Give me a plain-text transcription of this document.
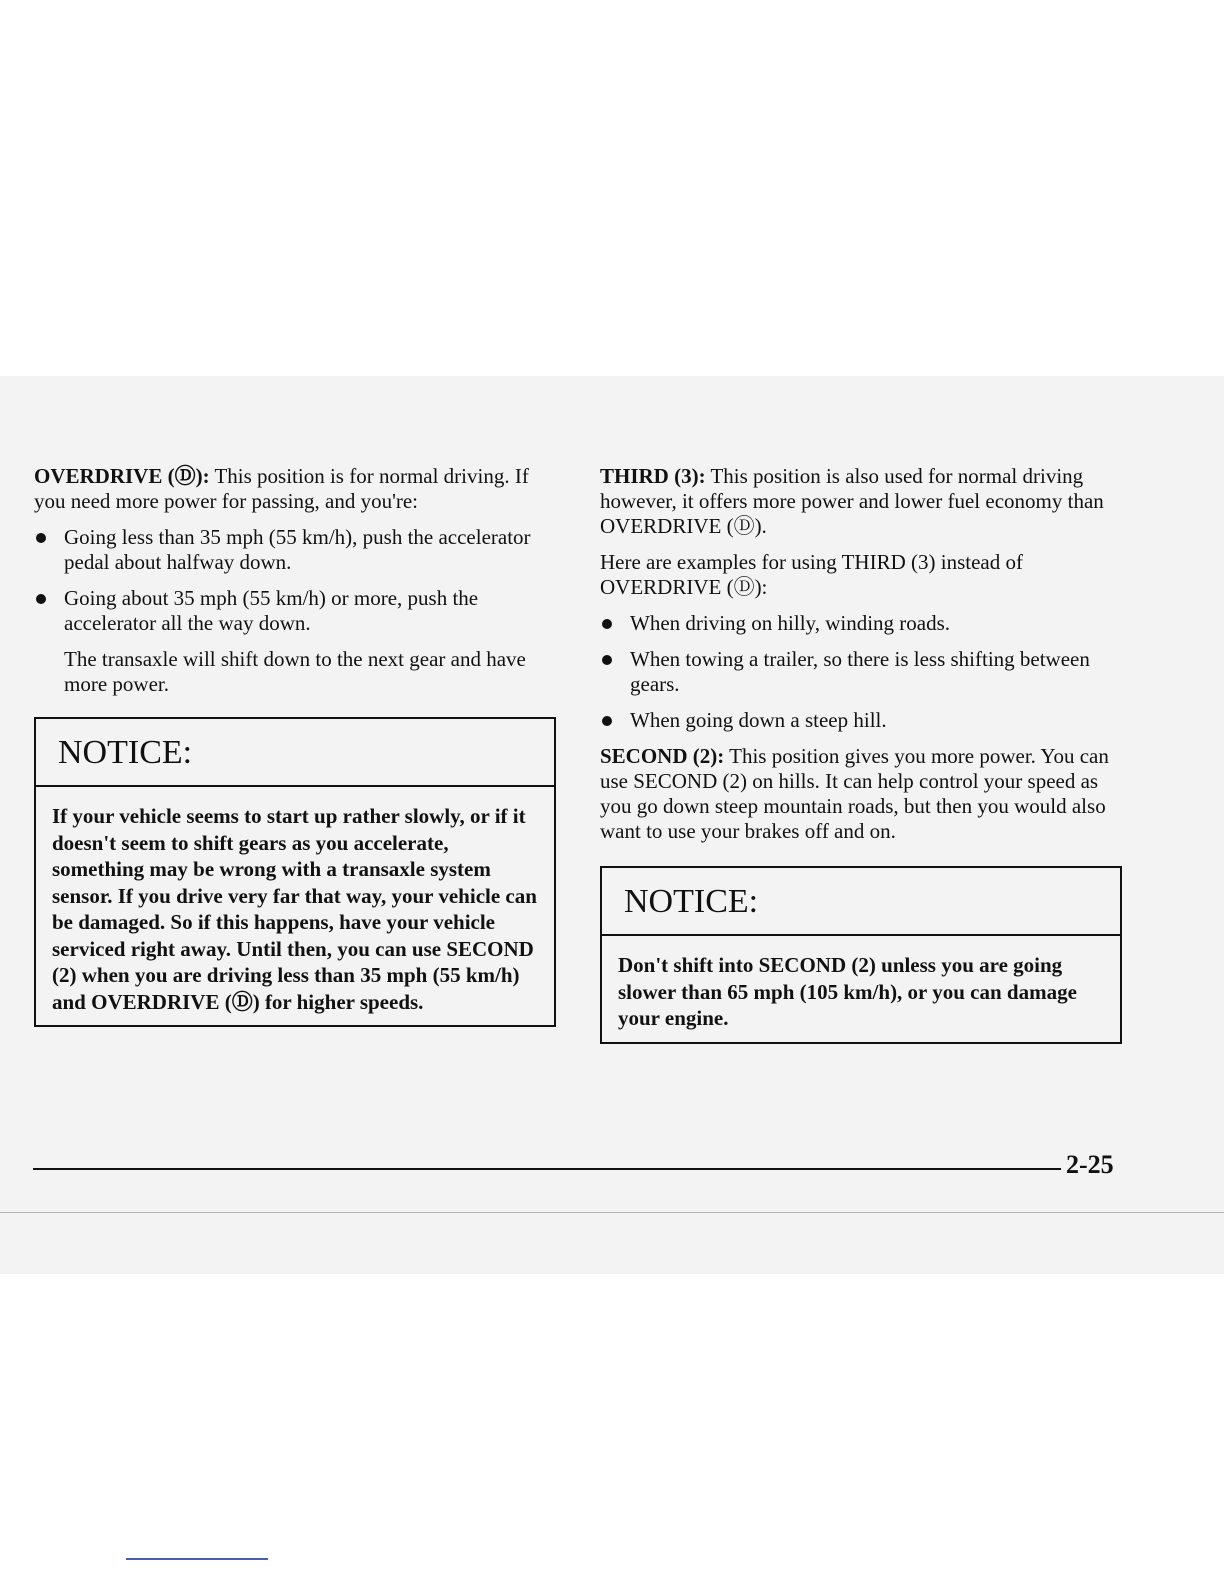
OVERDRIVE (Ⓓ): This position is for normal driving. If you need more power for passing, and you're:

Going less than 35 mph (55 km/h), push the accelerator pedal about halfway down.
Going about 35 mph (55 km/h) or more, push the accelerator all the way down.

The transaxle will shift down to the next gear and have more power.

NOTICE:

If your vehicle seems to start up rather slowly, or if it doesn't seem to shift gears as you accelerate, something may be wrong with a transaxle system sensor. If you drive very far that way, your vehicle can be damaged. So if this happens, have your vehicle serviced right away. Until then, you can use SECOND (2) when you are driving less than 35 mph (55 km/h) and OVERDRIVE (Ⓓ) for higher speeds.

THIRD (3): This position is also used for normal driving however, it offers more power and lower fuel economy than OVERDRIVE (Ⓓ).

Here are examples for using THIRD (3) instead of OVERDRIVE (Ⓓ):

When driving on hilly, winding roads.
When towing a trailer, so there is less shifting between gears.
When going down a steep hill.

SECOND (2): This position gives you more power. You can use SECOND (2) on hills. It can help control your speed as you go down steep mountain roads, but then you would also want to use your brakes off and on.

NOTICE:

Don't shift into SECOND (2) unless you are going slower than 65 mph (105 km/h), or you can damage your engine.

2-25
